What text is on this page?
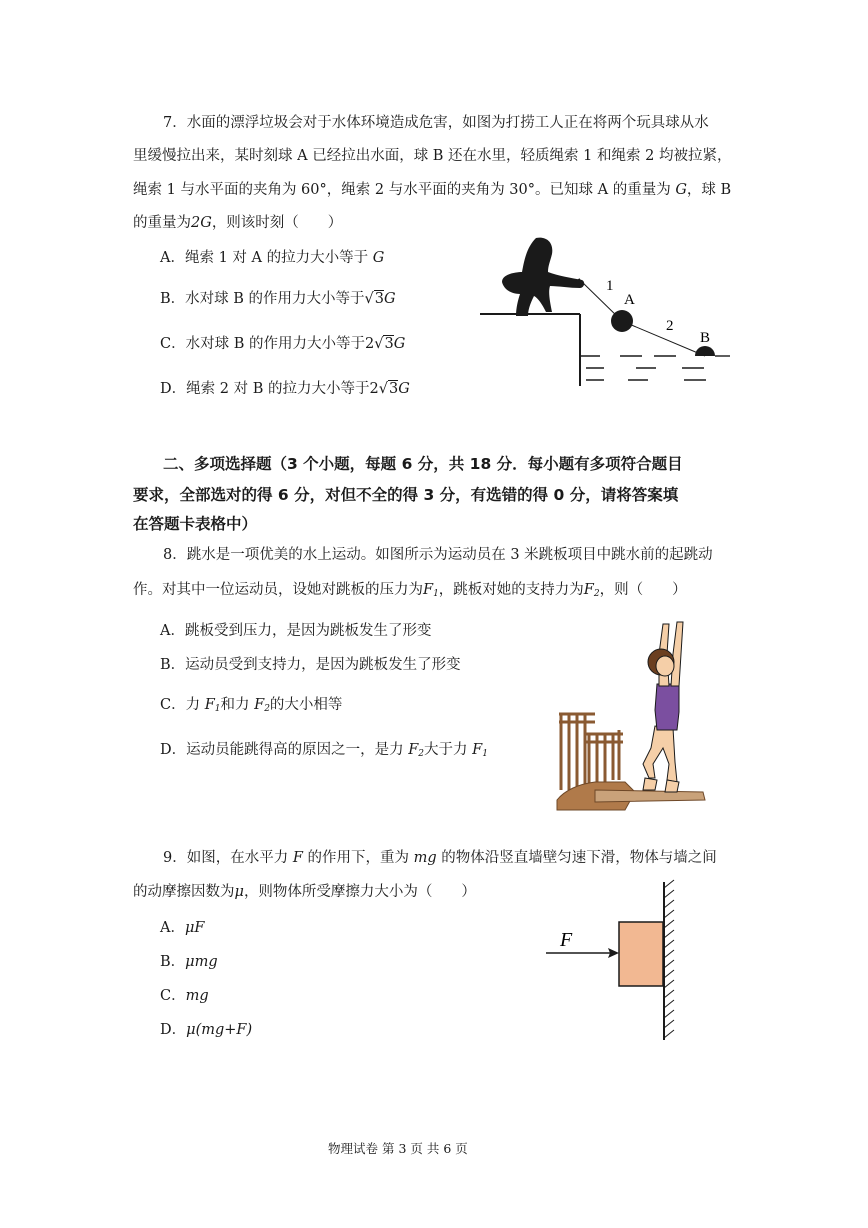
7．水面的漂浮垃圾会对于水体环境造成危害，如图为打捞工人正在将两个玩具球从水
里缓慢拉出来，某时刻球 A 已经拉出水面，球 B 还在水里，轻质绳索 1 和绳索 2 均被拉紧，
绳索 1 与水平面的夹角为 60°，绳索 2 与水平面的夹角为 30°。已知球 A 的重量为 G，球 B
的重量为2G，则该时刻（　　）
A．绳索 1 对 A 的拉力大小等于 G
B．水对球 B 的作用力大小等于√3G
C．水对球 B 的作用力大小等于2√3G
D．绳索 2 对 B 的拉力大小等于2√3G
1
A
2
B
二、多项选择题（3 个小题，每题 6 分，共 18 分．每小题有多项符合题目
要求，全部选对的得 6 分，对但不全的得 3 分，有选错的得 0 分，请将答案填
在答题卡表格中）
8．跳水是一项优美的水上运动。如图所示为运动员在 3 米跳板项目中跳水前的起跳动
作。对其中一位运动员，设她对跳板的压力为$F_1$，跳板对她的支持力为$F_2$，则（　　）
A．跳板受到压力，是因为跳板发生了形变
B．运动员受到支持力，是因为跳板发生了形变
C．力 $F_1$和力 $F_2$的大小相等
D．运动员能跳得高的原因之一，是力 $F_2$大于力 $F_1$
9．如图，在水平力 F 的作用下，重为 mg 的物体沿竖直墙壁匀速下滑，物体与墙之间
的动摩擦因数为μ，则物体所受摩擦力大小为（　　）
A．μF
B．μmg
C．mg
D．μ(mg+F)
F
物理试卷 第 3 页 共 6 页
